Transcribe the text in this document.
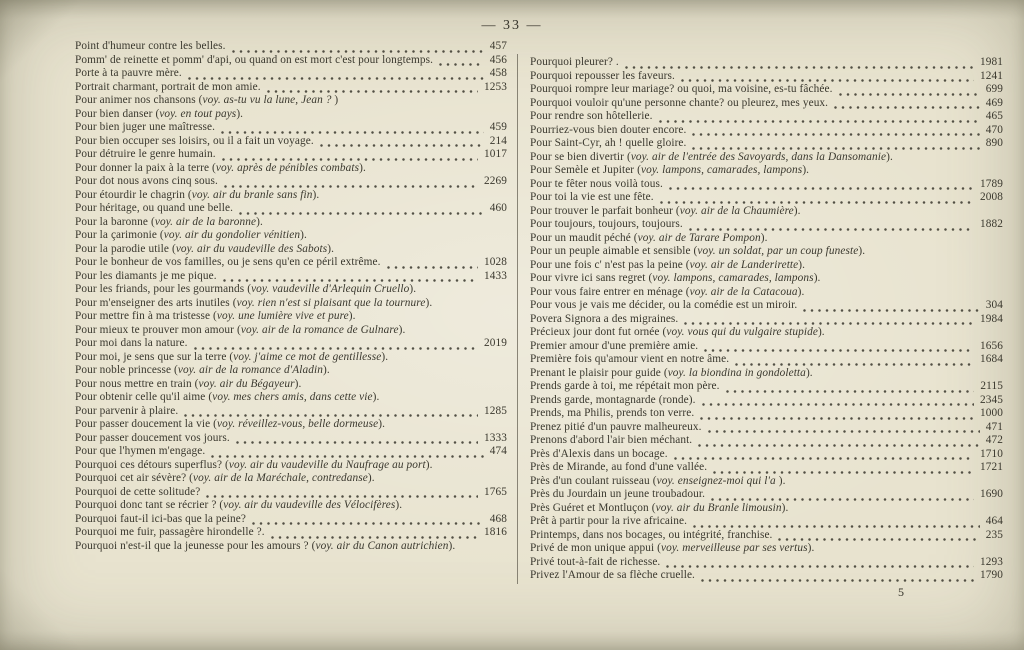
— 33 —
Point d'humeur contre les belles.	457
Pomm' de reinette et pomm' d'api, ou quand on est mort c'est pour longtemps.	456
Porte à ta pauvre mère.	458
Portrait charmant, portrait de mon amie.	1253
Pour animer nos chansons (voy. as-tu vu la lune, Jean ? )
Pour bien danser (voy. en tout pays).
Pour bien juger une maîtresse.	459
Pour bien occuper ses loisirs, ou il a fait un voyage.	214
Pour détruire le genre humain.	1017
Pour donner la paix à la terre (voy. après de pénibles combats).
Pour dot nous avons cinq sous.	2269
Pour étourdir le chagrin (voy. air du branle sans fin).
Pour héritage, ou quand une belle.	460
Pour la baronne (voy. air de la baronne).
Pour la çarimonie (voy. air du gondolier vénitien).
Pour la parodie utile (voy. air du vaudeville des Sabots).
Pour le bonheur de vos familles, ou je sens qu'en ce péril extrême.	1028
Pour les diamants je me pique.	1433
Pour les friands, pour les gourmands (voy. vaudeville d'Arlequin Cruello).
Pour m'enseigner des arts inutiles (voy. rien n'est si plaisant que la tournure).
Pour mettre fin à ma tristesse (voy. une lumière vive et pure).
Pour mieux te prouver mon amour (voy. air de la romance de Gulnare).
Pour moi dans la nature.	2019
Pour moi, je sens que sur la terre (voy. j'aime ce mot de gentillesse).
Pour noble princesse (voy. air de la romance d'Aladin).
Pour nous mettre en train (voy. air du Bégayeur).
Pour obtenir celle qu'il aime (voy. mes chers amis, dans cette vie).
Pour parvenir à plaire.	1285
Pour passer doucement la vie (voy. réveillez-vous, belle dormeuse).
Pour passer doucement vos jours.	1333
Pour que l'hymen m'engage.	474
Pourquoi ces détours superflus? (voy. air du vaudeville du Naufrage au port).
Pourquoi cet air sévère? (voy. air de la Maréchale, contredanse).
Pourquoi de cette solitude?	1765
Pourquoi donc tant se récrier ? (voy. air du vaudeville des Vélocifères).
Pourquoi faut-il ici-bas que la peine?	468
Pourquoi me fuir, passagère hirondelle ?.	1816
Pourquoi n'est-il que la jeunesse pour les amours ? (voy. air du Canon autrichien).
Pourquoi pleurer? .	1981
Pourquoi repousser les faveurs.	1241
Pourquoi rompre leur mariage? ou quoi, ma voisine, es-tu fâchée.	699
Pourquoi vouloir qu'une personne chante? ou pleurez, mes yeux.	469
Pour rendre son hôtellerie.	465
Pourriez-vous bien douter encore.	470
Pour Saint-Cyr, ah ! quelle gloire.	890
Pour se bien divertir (voy. air de l'entrée des Savoyards, dans la Dansomanie).
Pour Semèle et Jupiter (voy. lampons, camarades, lampons).
Pour te fêter nous voilà tous.	1789
Pour toi la vie est une fête.	2008
Pour trouver le parfait bonheur (voy. air de la Chaumière).
Pour toujours, toujours, toujours.	1882
Pour un maudit péché (voy. air de Tarare Pompon).
Pour un peuple aimable et sensible (voy. un soldat, par un coup funeste).
Pour une fois c' n'est pas la peine (voy. air de Landerirette).
Pour vivre ici sans regret (voy. lampons, camarades, lampons).
Pour vous faire entrer en ménage (voy. air de la Catacoua).
Pour vous je vais me décider, ou la comédie est un miroir.	304
Povera Signora a des migraines.	1984
Précieux jour dont fut ornée (voy. vous qui du vulgaire stupide).
Premier amour d'une première amie.	1656
Première fois qu'amour vient en notre âme.	1684
Prenant le plaisir pour guide (voy. la biondina in gondoletta).
Prends garde à toi, me répétait mon père.	2115
Prends garde, montagnarde (ronde).	2345
Prends, ma Philis, prends ton verre.	1000
Prenez pitié d'un pauvre malheureux.	471
Prenons d'abord l'air bien méchant.	472
Près d'Alexis dans un bocage.	1710
Près de Mirande, au fond d'une vallée.	1721
Près d'un coulant ruisseau (voy. enseignez-moi qui l'a ).
Près du Jourdain un jeune troubadour.	1690
Près Guéret et Montluçon (voy. air du Branle limousin).
Prêt à partir pour la rive africaine.	464
Printemps, dans nos bocages, ou intégrité, franchise.	235
Privé de mon unique appui (voy. merveilleuse par ses vertus).
Privé tout-à-fait de richesse.	1293
Privez l'Amour de sa flèche cruelle.	1790
5
